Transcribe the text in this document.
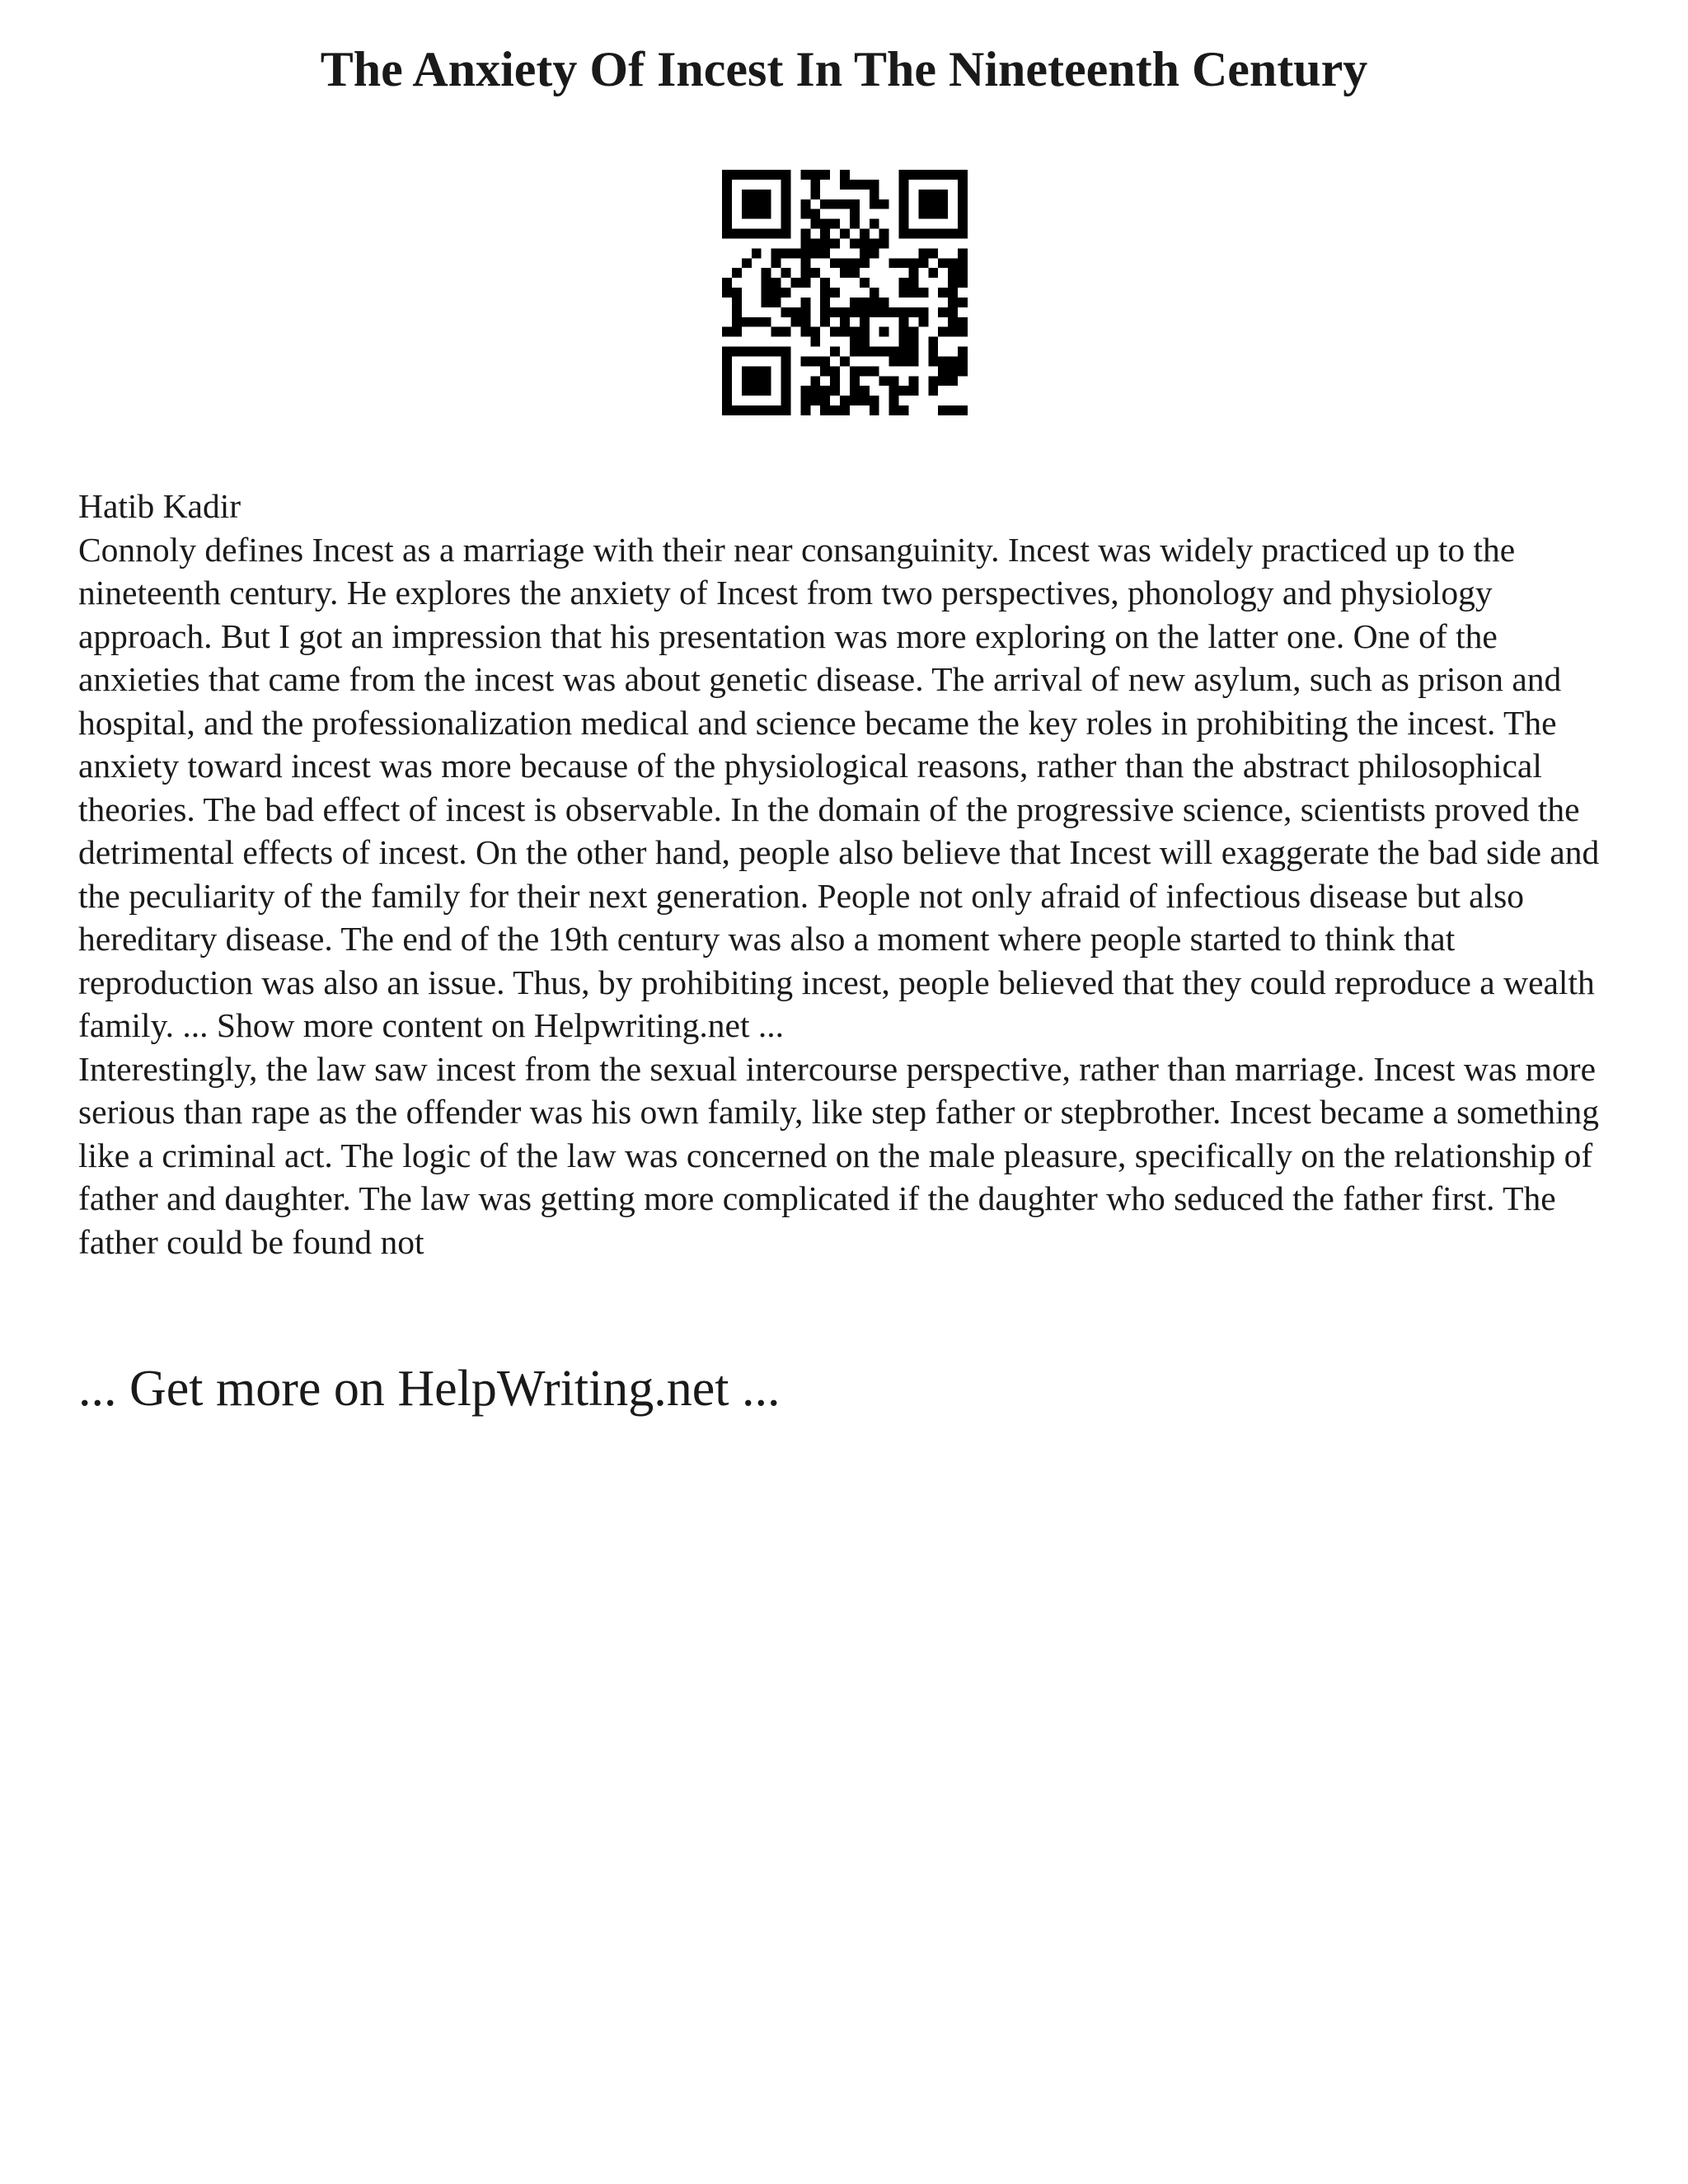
The Anxiety Of Incest In The Nineteenth Century

Hatib Kadir

Connoly defines Incest as a marriage with their near consanguinity. Incest was widely practiced up to the nineteenth century. He explores the anxiety of Incest from two perspectives, phonology and physiology approach. But I got an impression that his presentation was more exploring on the latter one. One of the anxieties that came from the incest was about genetic disease. The arrival of new asylum, such as prison and hospital, and the professionalization medical and science became the key roles in prohibiting the incest. The anxiety toward incest was more because of the physiological reasons, rather than the abstract philosophical theories. The bad effect of incest is observable. In the domain of the progressive science, scientists proved the detrimental effects of incest. On the other hand, people also believe that Incest will exaggerate the bad side and the peculiarity of the family for their next generation. People not only afraid of infectious disease but also hereditary disease. The end of the 19th century was also a moment where people started to think that reproduction was also an issue. Thus, by prohibiting incest, people believed that they could reproduce a wealth family. ... Show more content on Helpwriting.net ...

Interestingly, the law saw incest from the sexual intercourse perspective, rather than marriage. Incest was more serious than rape as the offender was his own family, like step father or stepbrother. Incest became a something like a criminal act. The logic of the law was concerned on the male pleasure, specifically on the relationship of father and daughter. The law was getting more complicated if the daughter who seduced the father first. The father could be found not

... Get more on HelpWriting.net ...
